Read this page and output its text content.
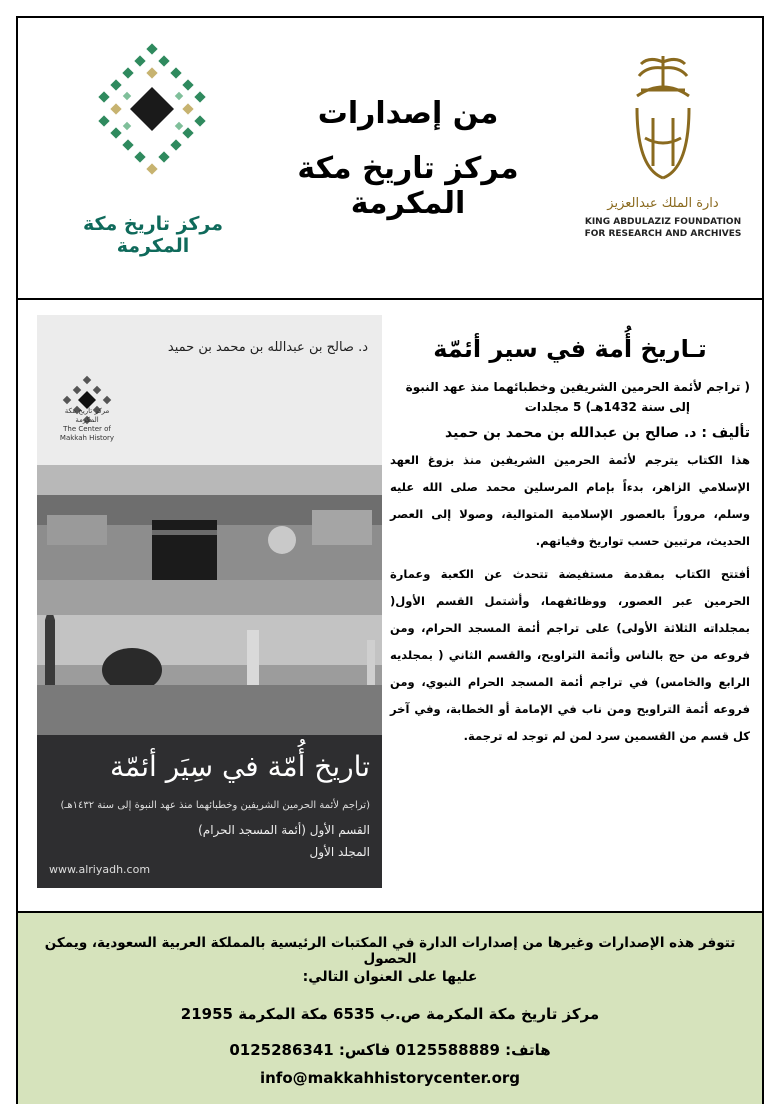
مركز تاريخ مكة المكرمة
من إصدارات
مركز تاريخ مكة المكرمة	دارة الملك عبدالعزيز
KING ABDULAZIZ FOUNDATION
FOR RESEARCH AND ARCHIVES
د. صالح بن عبدالله بن محمد بن حميد
مركز تاريخ مكة المكرمة
The Center of Makkah History
تاريخ أُمّة في سِيَر أئمّة
(تراجم لأئمة الحرمين الشريفين وخطبائهما منذ عهد النبوة إلى سنة ١٤٣٢هـ)
القسم الأول (أئمة المسجد الحرام)
المجلد الأول
www.alriyadh.com
تـاريخ أُمة في سير أئمّة
( تراجم لأئمة الحرمين الشريفين وخطبائهما منذ عهد النبوة
إلى سنة 1432هـ) 5 مجلدات
تأليف : د. صالح بن عبدالله بن محمد بن حميد
هذا الكتاب يترجم لأئمة الحرمين الشريفين منذ بزوغ العهد الإسلامي الزاهر، بدءاً بإمام المرسلين محمد صلى الله عليه وسلم، مروراً بالعصور الإسلامية المتوالية، وصولا إلى العصر الحديث، مرتبين حسب تواريخ وفياتهم.
أفتتح الكتاب بمقدمة مستفيضة تتحدث عن الكعبة وعمارة الحرمين عبر العصور، ووظائفهما، وأشتمل القسم الأول( بمجلداته الثلاثة الأولى) على تراجم أئمة المسجد الحرام، ومن فروعه من حج بالناس وأئمة التراويح، والقسم الثاني ( بمجلديه الرابع والخامس) في تراجم أئمة المسجد الحرام النبوي، ومن فروعه أئمة التراويح ومن ناب في الإمامة أو الخطابة، وفي آخر كل قسم من القسمين سرد لمن لم توجد له ترجمة.
تتوفر هذه الإصدارات وغيرها من إصدارات الدارة في المكتبات الرئيسية بالمملكة العربية السعودية، ويمكن الحصول
عليها على العنوان التالي:
مركز تاريخ مكة المكرمة ص.ب 6535 مكة المكرمة 21955
هاتف: 0125588889 فاكس: 0125286341
info@makkahhistorycenter.org
